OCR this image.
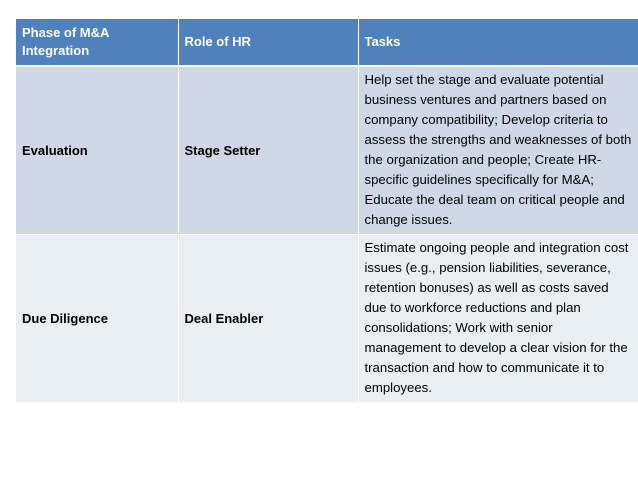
Phase of M&A Integration	Role of HR	Tasks
Evaluation	Stage Setter	Help set the stage and evaluate potential business ventures and partners based on company compatibility; Develop criteria to assess the strengths and weaknesses of both the organization and people; Create HR-specific guidelines specifically for M&A; Educate the deal team on critical people and change issues.
Due Diligence	Deal Enabler	Estimate ongoing people and integration cost issues (e.g., pension liabilities, severance, retention bonuses) as well as costs saved due to workforce reductions and plan consolidations; Work with senior management to develop a clear vision for the transaction and how to communicate it to employees.
